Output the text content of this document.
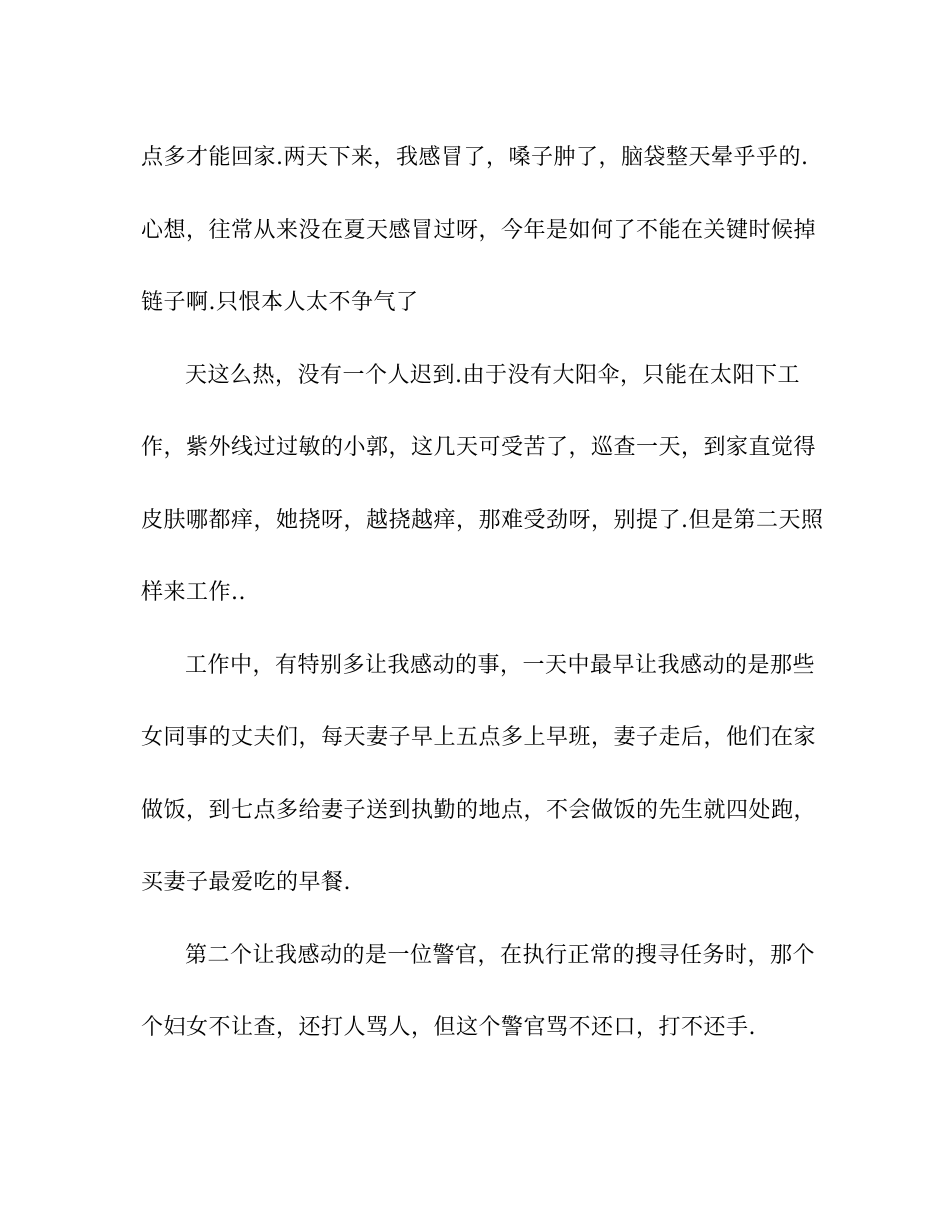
点多才能回家.两天下来，我感冒了，嗓子肿了，脑袋整天晕乎乎的.
心想，往常从来没在夏天感冒过呀，今年是如何了不能在关键时候掉
链子啊.只恨本人太不争气了
天这么热，没有一个人迟到.由于没有大阳伞，只能在太阳下工
作，紫外线过过敏的小郭，这几天可受苦了，巡查一天，到家直觉得
皮肤哪都痒，她挠呀，越挠越痒，那难受劲呀，别提了.但是第二天照
样来工作..
工作中，有特别多让我感动的事，一天中最早让我感动的是那些
女同事的丈夫们，每天妻子早上五点多上早班，妻子走后，他们在家
做饭，到七点多给妻子送到执勤的地点，不会做饭的先生就四处跑，
买妻子最爱吃的早餐.
第二个让我感动的是一位警官，在执行正常的搜寻任务时，那个
个妇女不让查，还打人骂人，但这个警官骂不还口，打不还手.
